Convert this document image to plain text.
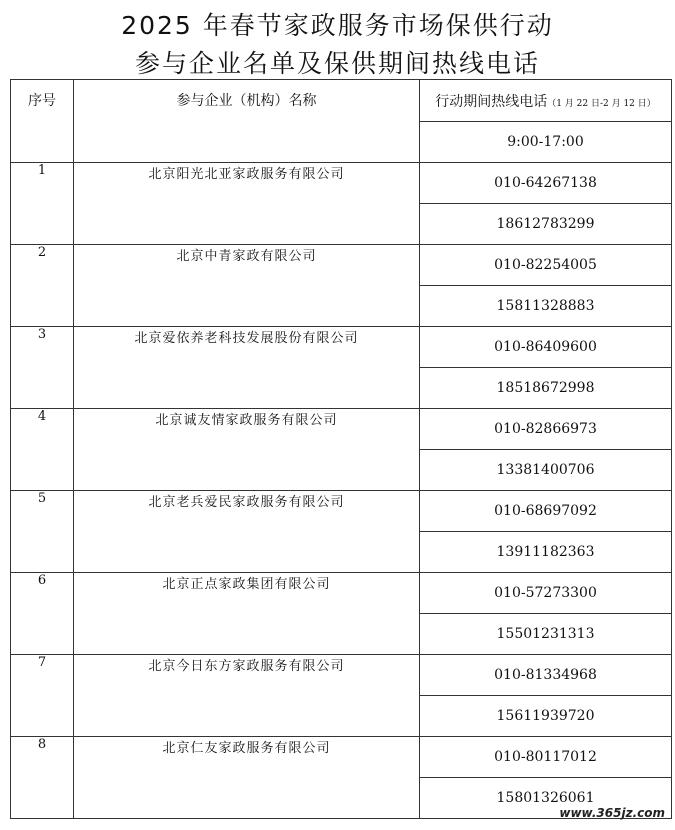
2025 年春节家政服务市场保供行动
参与企业名单及保供期间热线电话
序号	参与企业（机构）名称	行动期间热线电话（1 月 22 日-2 月 12 日）
		9:00-17:00
1	北京阳光北亚家政服务有限公司	010-64267138
		18612783299
2	北京中青家政有限公司	010-82254005
		15811328883
3	北京爱依养老科技发展股份有限公司	010-86409600
		18518672998
4	北京诚友情家政服务有限公司	010-82866973
		13381400706
5	北京老兵爱民家政服务有限公司	010-68697092
		13911182363
6	北京正点家政集团有限公司	010-57273300
		15501231313
7	北京今日东方家政服务有限公司	010-81334968
		15611939720
8	北京仁友家政服务有限公司	010-80117012
		15801326061
www.365jz.com
